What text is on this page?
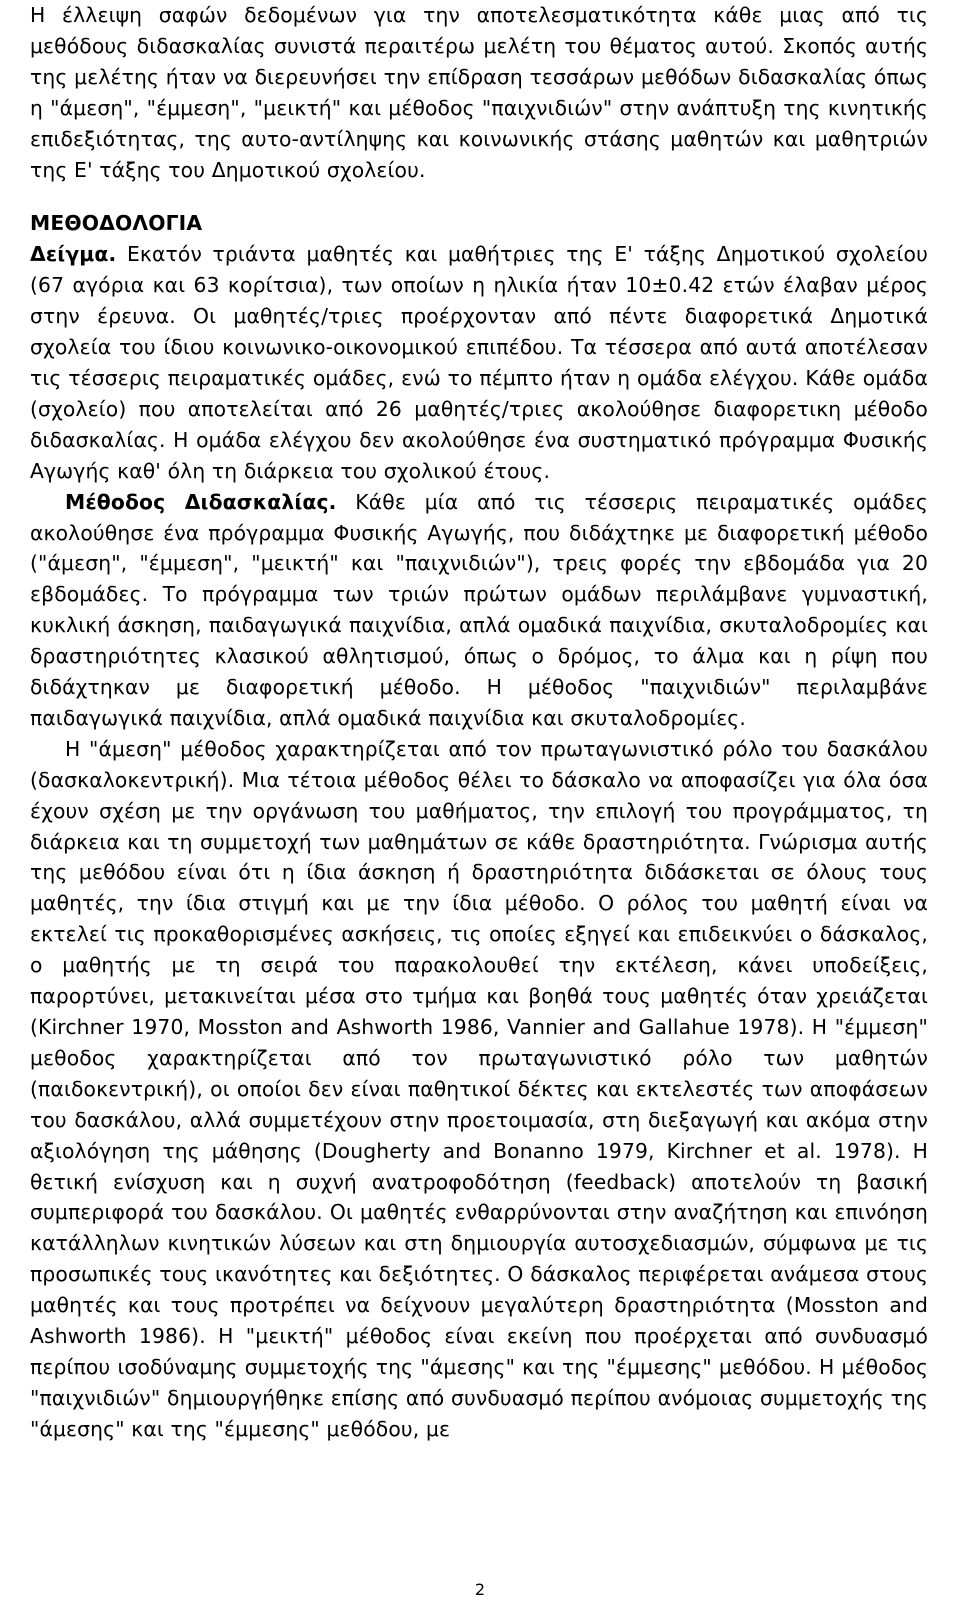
Η έλλειψη σαφών δεδομένων για την αποτελεσματικότητα κάθε μιας από τις μεθόδους διδασκαλίας συνιστά περαιτέρω μελέτη του θέματος αυτού. Σκοπός αυτής της μελέτης ήταν να διερευνήσει την επίδραση τεσσάρων μεθόδων διδασκαλίας όπως η "άμεση", "έμμεση", "μεικτή" και μέθοδος "παιχνιδιών" στην ανάπτυξη της κινητικής επιδεξιότητας, της αυτο-αντίληψης και κοινωνικής στάσης μαθητών και μαθητριών της Ε' τάξης του Δημοτικού σχολείου.

ΜΕΘΟΔΟΛΟΓΙΑ

Δείγμα. Εκατόν τριάντα μαθητές και μαθήτριες της Ε' τάξης Δημοτικού σχολείου (67 αγόρια και 63 κορίτσια), των οποίων η ηλικία ήταν 10±0.42 ετών έλαβαν μέρος στην έρευνα. Οι μαθητές/τριες προέρχονταν από πέντε διαφορετικά Δημοτικά σχολεία του ίδιου κοινωνικο-οικονομικού επιπέδου. Τα τέσσερα από αυτά αποτέλεσαν τις τέσσερις πειραματικές ομάδες, ενώ το πέμπτο ήταν η ομάδα ελέγχου. Κάθε ομάδα (σχολείο) που αποτελείται από 26 μαθητές/τριες ακολούθησε διαφορετικη μέθοδο διδασκαλίας. Η ομάδα ελέγχου δεν ακολούθησε ένα συστηματικό πρόγραμμα Φυσικής Αγωγής καθ' όλη τη διάρκεια του σχολικού έτους.

Μέθοδος Διδασκαλίας. Κάθε μία από τις τέσσερις πειραματικές ομάδες ακολούθησε ένα πρόγραμμα Φυσικής Αγωγής, που διδάχτηκε με διαφορετική μέθοδο ("άμεση", "έμμεση", "μεικτή" και "παιχνιδιών"), τρεις φορές την εβδομάδα για 20 εβδομάδες. Το πρόγραμμα των τριών πρώτων ομάδων περιλάμβανε γυμναστική, κυκλική άσκηση, παιδαγωγικά παιχνίδια, απλά ομαδικά παιχνίδια, σκυταλοδρομίες και δραστηριότητες κλασικού αθλητισμού, όπως ο δρόμος, το άλμα και η ρίψη που διδάχτηκαν με διαφορετική μέθοδο. Η μέθοδος "παιχνιδιών" περιλαμβάνε παιδαγωγικά παιχνίδια, απλά ομαδικά παιχνίδια και σκυταλοδρομίες.

Η "άμεση" μέθοδος χαρακτηρίζεται από τον πρωταγωνιστικό ρόλο του δασκάλου (δασκαλοκεντρική). Μια τέτοια μέθοδος θέλει το δάσκαλο να αποφασίζει για όλα όσα έχουν σχέση με την οργάνωση του μαθήματος, την επιλογή του προγράμματος, τη διάρκεια και τη συμμετοχή των μαθημάτων σε κάθε δραστηριότητα. Γνώρισμα αυτής της μεθόδου είναι ότι η ίδια άσκηση ή δραστηριότητα διδάσκεται σε όλους τους μαθητές, την ίδια στιγμή και με την ίδια μέθοδο. Ο ρόλος του μαθητή είναι να εκτελεί τις προκαθορισμένες ασκήσεις, τις οποίες εξηγεί και επιδεικνύει ο δάσκαλος, ο μαθητής με τη σειρά του παρακολουθεί την εκτέλεση, κάνει υποδείξεις, παρορτύνει, μετακινείται μέσα στο τμήμα και βοηθά τους μαθητές όταν χρειάζεται (Kirchner 1970, Mosston and Ashworth 1986, Vannier and Gallahue 1978). Η "έμμεση" μεθοδος χαρακτηρίζεται από τον πρωταγωνιστικό ρόλο των μαθητών (παιδοκεντρική), οι οποίοι δεν είναι παθητικοί δέκτες και εκτελεστές των αποφάσεων του δασκάλου, αλλά συμμετέχουν στην προετοιμασία, στη διεξαγωγή και ακόμα στην αξιολόγηση της μάθησης (Dougherty and Bonanno 1979, Kirchner et al. 1978). Η θετική ενίσχυση και η συχνή ανατροφοδότηση (feedback) αποτελούν τη βασική συμπεριφορά του δασκάλου. Οι μαθητές ενθαρρύνονται στην αναζήτηση και επινόηση κατάλληλων κινητικών λύσεων και στη δημιουργία αυτοσχεδιασμών, σύμφωνα με τις προσωπικές τους ικανότητες και δεξιότητες. Ο δάσκαλος περιφέρεται ανάμεσα στους μαθητές και τους προτρέπει να δείχνουν μεγαλύτερη δραστηριότητα (Mosston and Ashworth 1986). Η "μεικτή" μέθοδος είναι εκείνη που προέρχεται από συνδυασμό περίπου ισοδύναμης συμμετοχής της "άμεσης" και της "έμμεσης" μεθόδου. Η μέθοδος "παιχνιδιών" δημιουργήθηκε επίσης από συνδυασμό περίπου ανόμοιας συμμετοχής της "άμεσης" και της "έμμεσης" μεθόδου, με

2
